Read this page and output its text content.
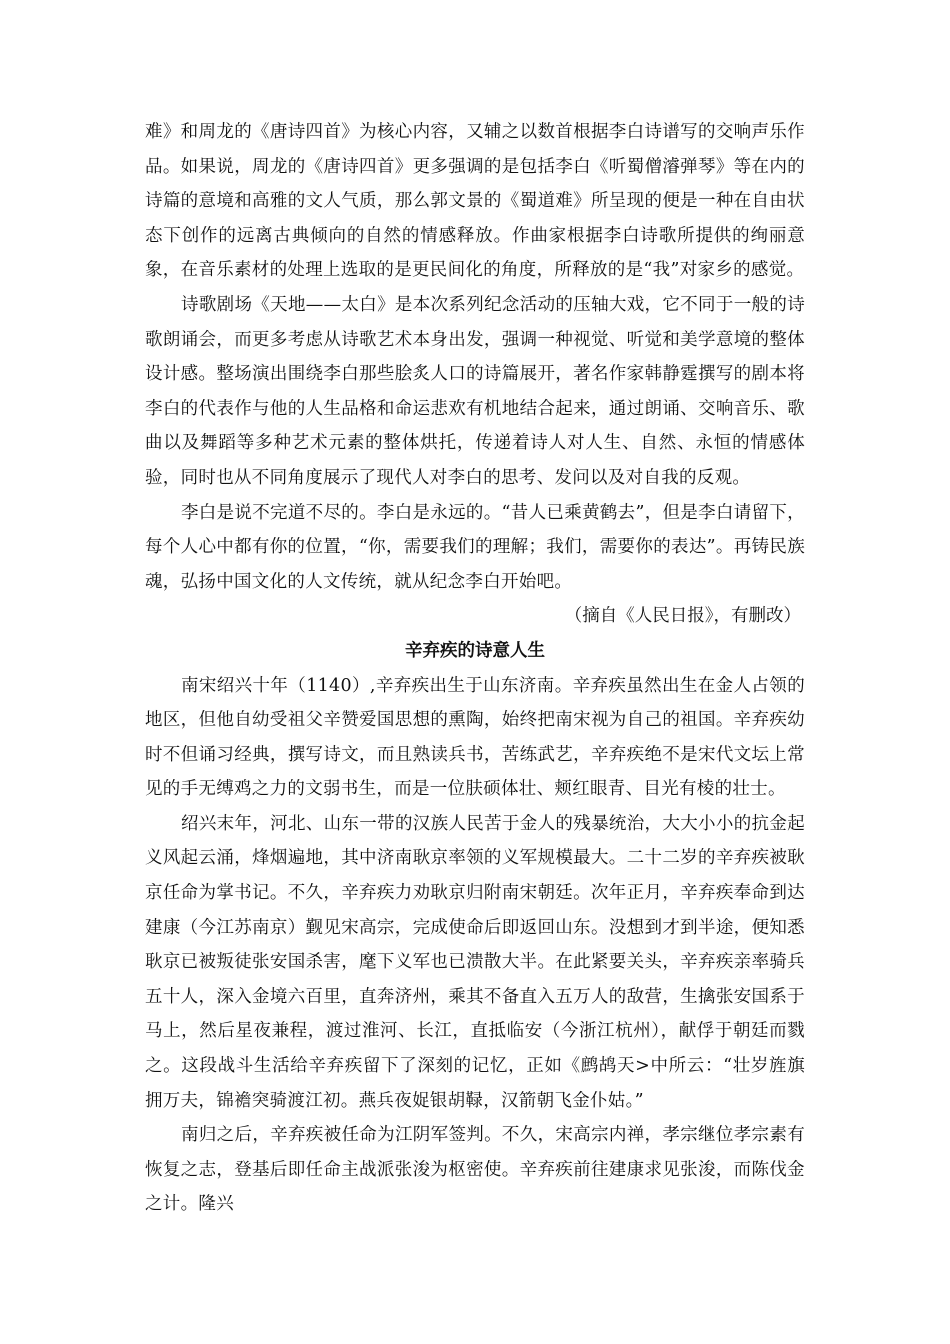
难》和周龙的《唐诗四首》为核心内容，又辅之以数首根据李白诗谱写的交响声乐作品。如果说，周龙的《唐诗四首》更多强调的是包括李白《听蜀僧濬弹琴》等在内的诗篇的意境和高雅的文人气质，那么郭文景的《蜀道难》所呈现的便是一种在自由状态下创作的远离古典倾向的自然的情感释放。作曲家根据李白诗歌所提供的绚丽意象，在音乐素材的处理上选取的是更民间化的角度，所释放的是“我”对家乡的感觉。

诗歌剧场《天地——太白》是本次系列纪念活动的压轴大戏，它不同于一般的诗歌朗诵会，而更多考虑从诗歌艺术本身出发，强调一种视觉、听觉和美学意境的整体设计感。整场演出围绕李白那些脍炙人口的诗篇展开，著名作家韩静霆撰写的剧本将李白的代表作与他的人生品格和命运悲欢有机地结合起来，通过朗诵、交响音乐、歌曲以及舞蹈等多种艺术元素的整体烘托，传递着诗人对人生、自然、永恒的情感体验，同时也从不同角度展示了现代人对李白的思考、发问以及对自我的反观。

李白是说不完道不尽的。李白是永远的。“昔人已乘黄鹤去”，但是李白请留下，每个人心中都有你的位置，“你，需要我们的理解；我们，需要你的表达”。再铸民族魂，弘扬中国文化的人文传统，就从纪念李白开始吧。

（摘自《人民日报》，有删改）

辛弃疾的诗意人生

南宋绍兴十年（1140）,辛弃疾出生于山东济南。辛弃疾虽然出生在金人占领的地区，但他自幼受祖父辛赞爱国思想的熏陶，始终把南宋视为自己的祖国。辛弃疾幼时不但诵习经典，撰写诗文，而且熟读兵书，苦练武艺，辛弃疾绝不是宋代文坛上常见的手无缚鸡之力的文弱书生，而是一位肤硕体壮、颊红眼青、目光有棱的壮士。

绍兴末年，河北、山东一带的汉族人民苦于金人的残暴统治，大大小小的抗金起义风起云涌，烽烟遍地，其中济南耿京率领的义军规模最大。二十二岁的辛弃疾被耿京任命为掌书记。不久，辛弃疾力劝耿京归附南宋朝廷。次年正月，辛弃疾奉命到达建康（今江苏南京）觐见宋高宗，完成使命后即返回山东。没想到才到半途，便知悉耿京已被叛徒张安国杀害，麾下义军也已溃散大半。在此紧要关头，辛弃疾亲率骑兵五十人，深入金境六百里，直奔济州，乘其不备直入五万人的敌营，生擒张安国系于马上，然后星夜兼程，渡过淮河、长江，直抵临安（今浙江杭州），献俘于朝廷而戮之。这段战斗生活给辛弃疾留下了深刻的记忆，正如《鹧鸪天>中所云：“壮岁旌旗拥万夫，锦襜突骑渡江初。燕兵夜娖银胡䩮，汉箭朝飞金仆姑。”

南归之后，辛弃疾被任命为江阴军签判。不久，宋高宗内禅，孝宗继位孝宗素有恢复之志，登基后即任命主战派张浚为枢密使。辛弃疾前往建康求见张浚，而陈伐金之计。隆兴
